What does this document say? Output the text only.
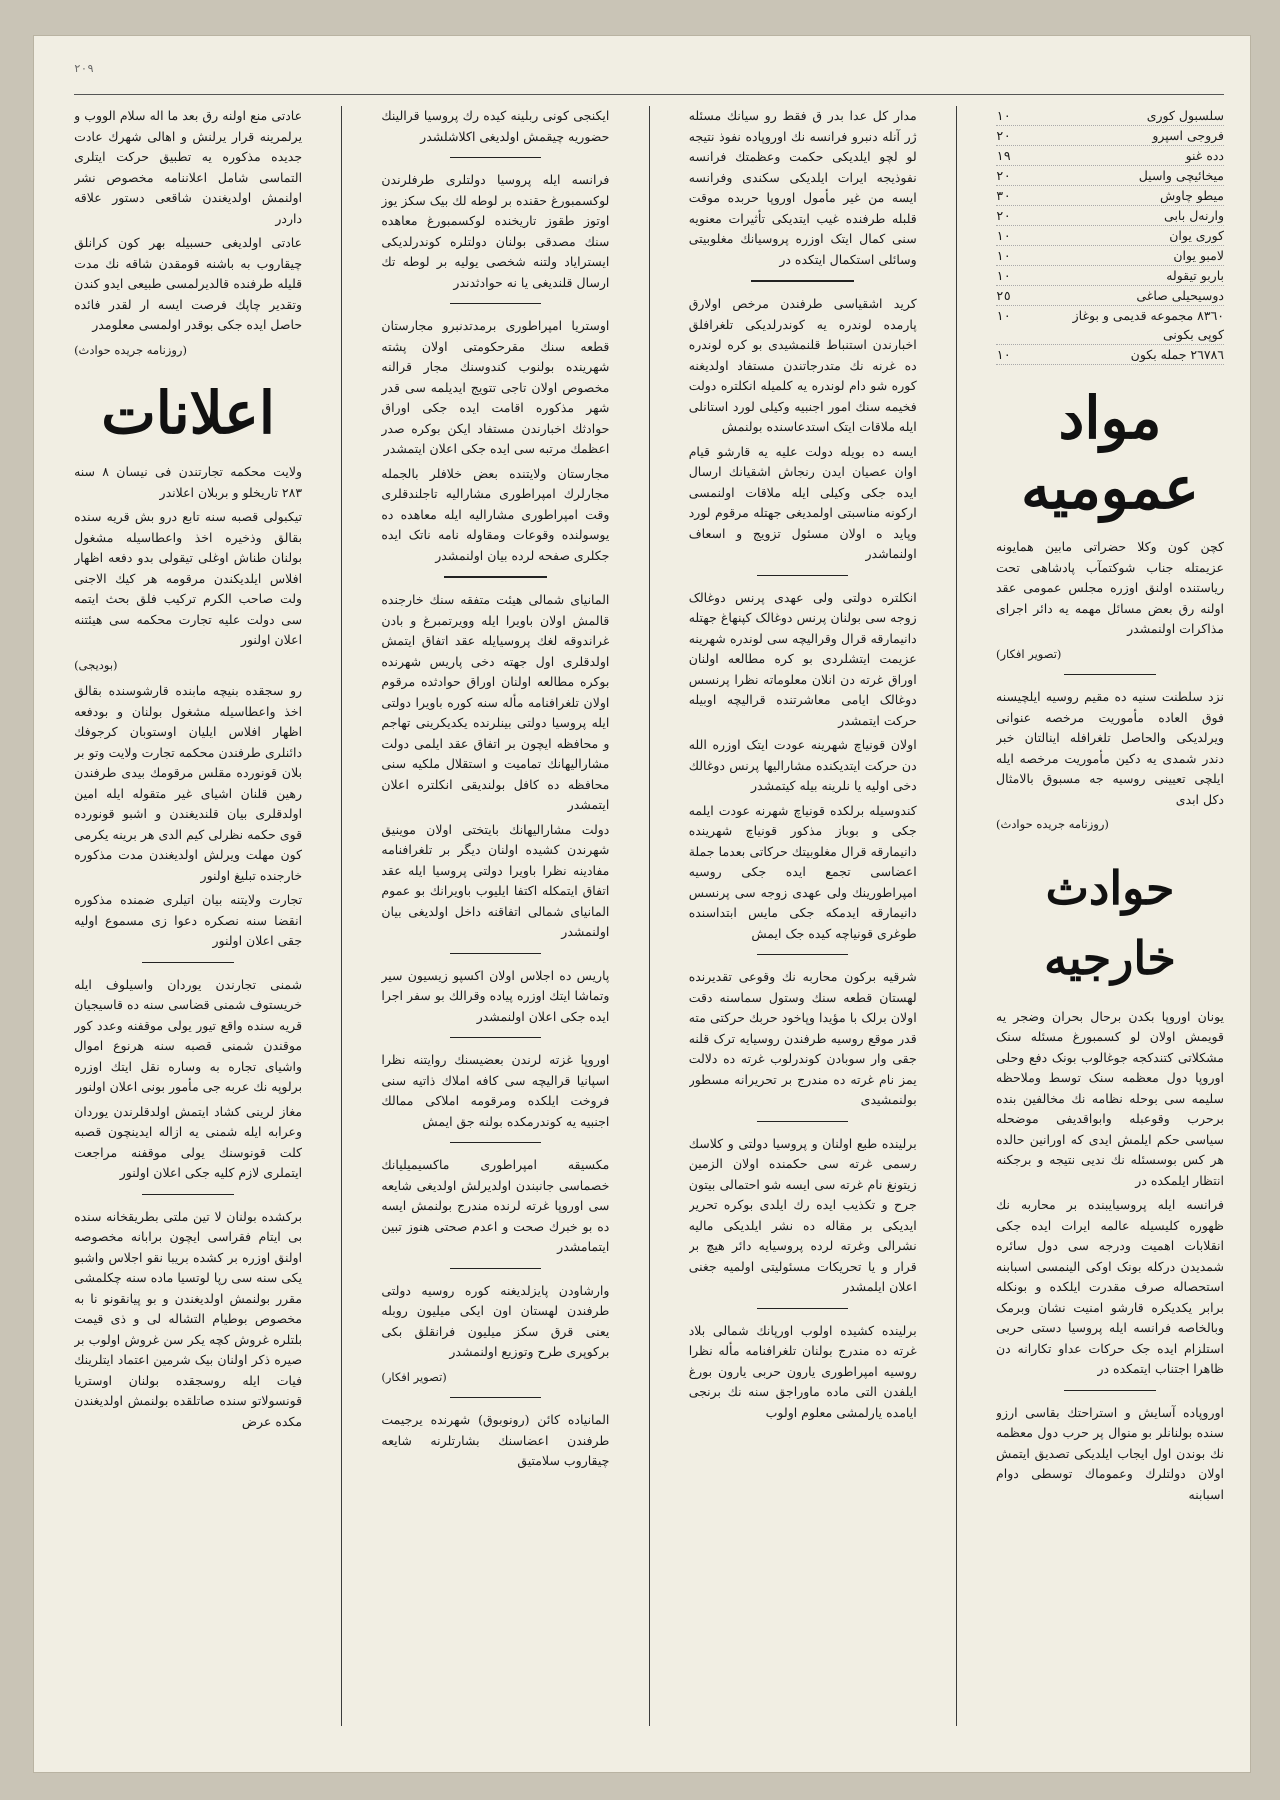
٢٠٩
سلسبول کوری
١٠
فروجی اسپرو
٢٠
دده غنو
١٩
میخائیچی واسیل
٢٠
میطو چاوش
٣٠
وارنەل بابی
٢٠
کوری یوان
١٠
لامبو یوان
١٠
باربو تیقوله
١٠
دوسیحیلی صاغی
٢٥
٨٣٦٠ مجموعه قدیمی و بوغاز کوپی بکونی
١٠
٢٦٧٨٦ جمله بکون
١٠
مواد عمومیه

کچن کون وکلا حضراتی مابین همایونه عزیمتله جناب شوکتمآب پادشاهی تحت ریاستنده اولنق اوزره مجلس عمومی عقد اولنه رق بعض مسائل مهمه یه دائر اجرای مذاکرات اولنمشدر

(تصویر افکار)

نزد سلطنت سنیه ده مقیم روسیه ایلچیسنه فوق العاده مأموریت مرخصه عنوانی ویرلدیکی والحاصل تلغرافله اینالتان خبر دندر شمدی یه دکین مأموریت مرخصه ایله ایلچی تعیینی روسیه جه مسبوق بالامثال دکل ابدی

(روزنامه جریده حوادث)
حوادث خارجیه

یونان اوروپا بکدن برحال بحران وضجر یه قویمش اولان لو کسمبورغ مسئله سنک مشکلاتی کتندکجه جوغالوب بونک دفع وحلی اوروپا دول معظمه سنک توسط وملاحظه سلیمه سی بوحله نظامه نك مخالفین بنده برحرب وقوعبله وابواقدیفی موضحله سیاسی حکم ایلمش ایدی که اورانین حالده هر کس بوسسئله نك ندیی نتیجه و برجکنه انتظار ایلمکده در

فرانسه ایله پروسیایبنده بر محاربه نك ظهوره کلیسیله عالمه ایرات ایده جکی انقلابات اهمیت ودرجه سی دول سائره شمدیدن درکله بونک اوکی الینمسی اسبابنه استحصاله صرف مقدرت ایلکده و بونکله برابر یکدیکره قارشو امنیت نشان وبرمک وبالخاصه فرانسه ایله پروسیا دستی حربی استلزام ایده جک حرکات عداو تکارانه دن ظاهرا اجتناب ایتمکده در

اوروپاده آسایش و استراحتك بقاسی ارزو سنده بولنانلر بو منوال پر حرب دول معظمه نك بوندن اول ایجاب ایلدیکی تصدیق ایتمش اولان دولتلرك وعموماك توسطی دوام اسبابنه

مدار کل عدا بدر ق فقط رو سیانك مسئله ژر آنله دنبرو فرانسه نك اوروپاده نفوذ نتیجه لو لچو ایلدیکی حکمت وعظمتك فرانسه نفوذیجه ایرات ایلدیکی سکندی وفرانسه ایسه من غیر مأمول اوروپا حربده موقت قلبله طرفنده غیب ایتدیکی تأثیرات معنویه سنی کمال ایتک اوزره پروسیانك مغلوبیتی وسائلی استکمال ایتکده در

کرید اشقیاسی طرفندن مرخص اولارق پارمده لوندره یه کوندرلدیکی تلغرافلق اخبارندن استنباط قلنمشیدی بو کره لوندره ده غرنه نك متدرجاتندن مستفاد اولدیغنه کوره شو دام لوندره یه کلمیله انکلتره دولت فخیمه سنك امور اجنبیه وکیلی لورد استانلی ایله ملاقات ایتک استدعاسنده بولنمش

ایسه ده بویله دولت علیه یه قارشو قیام اوان عصیان ایدن رنجاش اشقیانك ارسال ایده جکی وکیلی ایله ملاقات اولنمسی ارکونه مناسبتی اولمدیغی جهتله مرقوم لورد وپاید ه اولان مسئول تزویج و اسعاف اولنماشدر

انکلتره دولتی ولی عهدی پرنس دوغالک زوجه سی بولنان پرنس دوغالک کپنهاغ جهتله دانیمارقه قرال وقرالیچه سی لوندره شهرینه عزیمت ایتشلردی بو کره مطالعه اولنان اوراق غرته دن انلان معلوماته نظرا پرنسس دوغالک ایامی معاشرتنده قرالیچه اوبیله حرکت ایتمشدر

اولان قونیاچ شهرینه عودت ایتک اوزره الله دن حرکت ایتدیکنده مشارالیها پرنس دوغالك دخی اولیه یا نلرینه بیله کیتمشدر

کندوسیله برلکده قونیاچ شهرنه عودت ایلمه جکی و بوباز مذکور قونیاچ شهرینده دانیمارقه قرال مغلوبیتك حرکاتی بعدما جملة اعضاسی تجمع ایده جکی روسیه امپراطورینك ولی عهدی زوجه سی پرنسس دانیمارقه ایدمکه جکی مایس ابتداسنده طوغری قونیاچه کیده جک ایمش

شرقیه برکون محاربه نك وقوعی تقدیرنده لهستان قطعه سنك وستول سماسنه دقت اولان برلک با مؤیدا وپاخود حربك حرکتی مته قدر موقع روسیه طرفندن روسیایه ترک قلنه جقی وار سوبادن کوندرلوب غرته ده دلالت یمز نام غرته ده مندرج بر تحریرانه مسطور بولنمشیدی

برلینده طبع اولنان و پروسیا دولتی و کلاسك رسمی غرته سی حکمنده اولان الزمین زیتونغ نام غرته سی ایسه شو احتمالی بیتون جرح و تکذیب ایده رك ایلدی بوکره تحریر ایدیکی بر مقاله ده نشر ایلدیکی مالیه نشرالی وغرته لرده پروسیایه دائر هیچ بر قرار و یا تحریکات مسئولیتی اولمیه جغنی اعلان ایلمشدر

برلینده کشیده اولوب اورپانك شمالی بلاد غرته ده مندرج بولنان تلغرافنامه مأله نظرا روسیه امپراطوری یارون حربی یارون بورغ ایلفدن التی ماده ماوراجق سنه نك برنجی ایامده یارلمشی معلوم اولوب

ایکنجی کونی ربلینه کیده رك پروسیا قرالینك حضوریه چیقمش اولدیغی اکلاشلشدر

فرانسه ایله پروسیا دولتلری طرفلرندن لوکسمبورغ حقنده بر لوطه لك بیک سکز یوز اوتوز طقوز تاریخنده لوکسمبورغ معاهده سنك مصدقی بولنان دولتلره کوندرلدیکی ایسترایاد ولتنه شخصی یولیه بر لوطه تك ارسال قلندیغی یا نه حوادثدندر

اوستریا امپراطوری برمدتدنبرو مجارستان قطعه سنك مقرحکومتی اولان پشته شهرینده بولنوب کندوسنك مجار قرالنه مخصوص اولان تاجی تتویج ایدیلمه سی قدر شهر مذکوره اقامت ایده جکی اوراق حوادثك اخبارندن مستفاد ایکن بوکره صدر اعظمك مرتبه سی ایده جکی اعلان ایتمشدر

مجارستان ولایتنده بعض خلافلر بالجمله مجارلرك امپراطوری مشارالیه تاجلندقلری وقت امپراطوری مشارالیه ایله معاهده ده یوسولنده وقوعات ومقاوله نامه ناتک ایده جکلری صفحه لرده بیان اولنمشدر

المانیای شمالی هیئت متفقه سنك خارجنده قالمش اولان باویرا ایله وویرتمبرغ و بادن غراندوقه لغك پروسیایله عقد اتفاق ایتمش اولدقلری اول جهته دخی پاریس شهرنده بوکره مطالعه اولنان اوراق حوادثده مرقوم اولان تلغرافنامه مأله سنه کوره باویرا دولتی ایله پروسیا دولتی بینلرنده یکدیکرینی تهاجم و محافظه ایچون بر اتفاق عقد ایلمی دولت مشارالیهانك تمامیت و استقلال ملکیه سنی محافظه ده کافل بولندیقی انکلتره اعلان ایتمشدر

دولت مشارالیهانك بایتختی اولان موینیق شهرندن کشیده اولنان دیگر بر تلغرافنامه مفادینه نظرا باویرا دولتی پروسیا ایله عقد اتفاق ایتمکله اکتفا ایلیوب باویرانك بو عموم المانیای شمالی اتفاقنه داخل اولدیغی بیان اولنمشدر

پاریس ده اجلاس اولان اکسپو زیسیون سیر وتماشا ایتك اوزره پیاده وقرالك بو سفر اجرا ایده جکی اعلان اولنمشدر

اوروپا غزته لرندن بعضیسنك روایتنه نظرا اسپانیا قرالیچه سی کافه املاك ذاتیه سنی فروخت ایلکده ومرقومه املاکی ممالك اجنبیه یه کوندرمکده بولنه جق ایمش

مکسیقه امپراطوری ماکسیمیلیانك خصماسی جانبندن اولدیرلش اولدیغی شایعه سی اوروپا غرته لرنده مندرج بولنمش ایسه ده بو خبرك صحت و اعدم صحتی هنوز تبین ایتمامشدر

وارشاودن پایزلدیغنه کوره روسیه دولتی طرفندن لهستان اون ایکی میلیون روبله یعنی قرق سکز میلیون فرانقلق بکی برکوپری طرح وتوزیع اولنمشدر

(تصویر افکار)

المانیاده کائن (رونوبوق) شهرنده یرجیمت طرفندن اعضاسنك بشارتلرنه شایعه چیقاروب سلامتیق

عادتی منع اولنه رق بعد ما اله سلام الووب و یرلمرینه قرار یرلنش و اهالی شهرك عادت جدیده مذکوره یه تطبیق حرکت ایتلری التماسی شامل اعلاننامه مخصوص نشر اولنمش اولدیغندن شاقعی دستور علاقه داردر

عادتی اولدیغی حسبیله بهر کون کرانلق چیقاروب به باشنه قومقدن شاقه نك مدت قلیله طرفنده قالدیرلمسی طبیعی ایدو کندن وتقدیر چاپك فرصت ایسه ار لقدر فائده حاصل ایده جکی بوقدر اولمسی معلومدر

(روزنامه جریده حوادث)
اعلانات

ولایت محکمه تجارتندن فی نیسان ٨ سنه ٢٨٣ تاریخلو و بربلان اعلاندر

تیکبولی قصبه سنه تابع درو بش قریه سنده بقالق وذخیره اخذ واعطاسیله مشغول بولنان طناش اوغلی تیقولی بدو دفعه اظهار افلاس ایلدیکندن مرقومه هر کیك الاجنی ولت صاحب الکرم ترکیب فلق بحث ایتمه سی دولت علیه تجارت محکمه سی هیئتنه اعلان اولنور

(بودیجی)

رو سجقده بنیچه مابنده قارشوسنده بقالق اخذ واعطاسیله مشغول بولنان و بودفعه اظهار افلاس ایلیان اوستوبان کرجوفك دائنلری طرفندن محکمه تجارت ولایت وتو بر بلان قونورده مقلس مرقومك بیدی طرفندن رهین قلنان اشیای غیر متقوله ایله امین اولدقلری بیان قلندیغندن و اشبو قونورده قوی حکمه نظرلی کیم الدی هر برینه یکرمی کون مهلت ویرلش اولدیغندن مدت مذکوره خارجنده تبلیغ اولنور

تجارت ولایتنه بیان اتیلری ضمنده مذکوره انقضا سنه نصکره دعوا زی مسموع اولیه جقی اعلان اولنور

شمنی تجارندن یوردان واسیلوف ایله خریستوف شمنی قضاسی سنه ده قاسیجیان قریه سنده واقع تیور یولی موقفنه وعدد کور موقندن شمنی قصبه سنه هرنوع اموال واشیای تجاره به وساره نقل ایتك اوزره برلوپه نك عربه جی مأمور بونی اعلان اولنور

مغاز لرینی کشاد ایتمش اولدقلرندن یوردان وعرابه ایله شمنی یه ازاله ایدینچون قصبه کلت قونوسنك یولی موقفنه مراجعت ایتملری لازم کلیه جکی اعلان اولنور

برکشده بولنان لا تین ملتی بطریقخانه سنده بی ایتام فقراسی ایچون برابانه مخصوصه اولنق اوزره بر کشده بریبا نقو اجلاس واشبو یکی سنه سی رپا لوتسیا ماده سنه چکلمشی مقرر بولنمش اولدیغندن و بو پیانقونو نا به مخصوص بوطیام التشاله لی و ذی قیمت بلتلره غروش کچه یکر سن غروش اولوب بر صیره ذکر اولنان بیک شرمین اعتماد ایتلرینك فیات ایله روسجقده بولنان اوستریا قونسولاتو سنده صاتلقده بولنمش اولدیغندن مکده عرض
